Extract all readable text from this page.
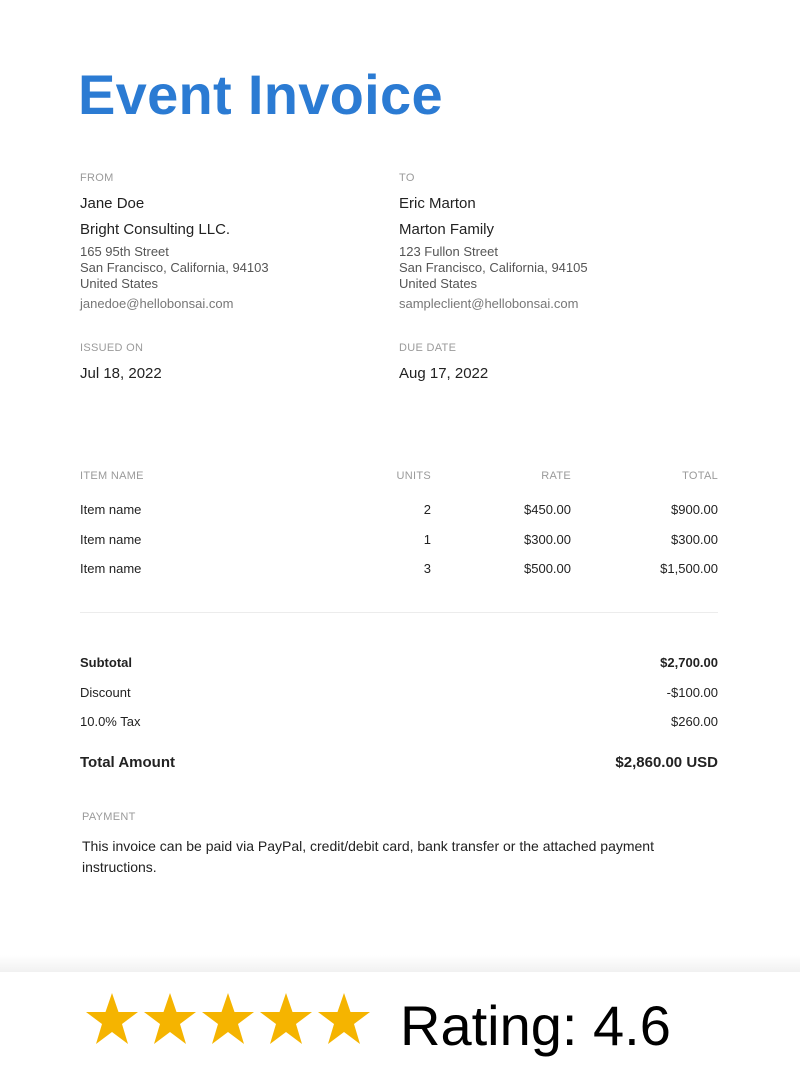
Event Invoice

FROM

Jane Doe

Bright Consulting LLC.

165 95th Street

San Francisco, California, 94103

United States

janedoe@hellobonsai.com

TO

Eric Marton

Marton Family

123 Fullon Street

San Francisco, California, 94105

United States

sampleclient@hellobonsai.com

ISSUED ON

Jul 18, 2022

DUE DATE

Aug 17, 2022

ITEM NAME	UNITS	RATE	TOTAL
Item name	2	$450.00	$900.00
Item name	1	$300.00	$300.00
Item name	3	$500.00	$1,500.00
Subtotal	$2,700.00
Discount	-$100.00
10.0% Tax	$260.00
Total Amount	$2,860.00 USD

PAYMENT

This invoice can be paid via PayPal, credit/debit card, bank transfer or the attached payment instructions.

Rating: 4.6
